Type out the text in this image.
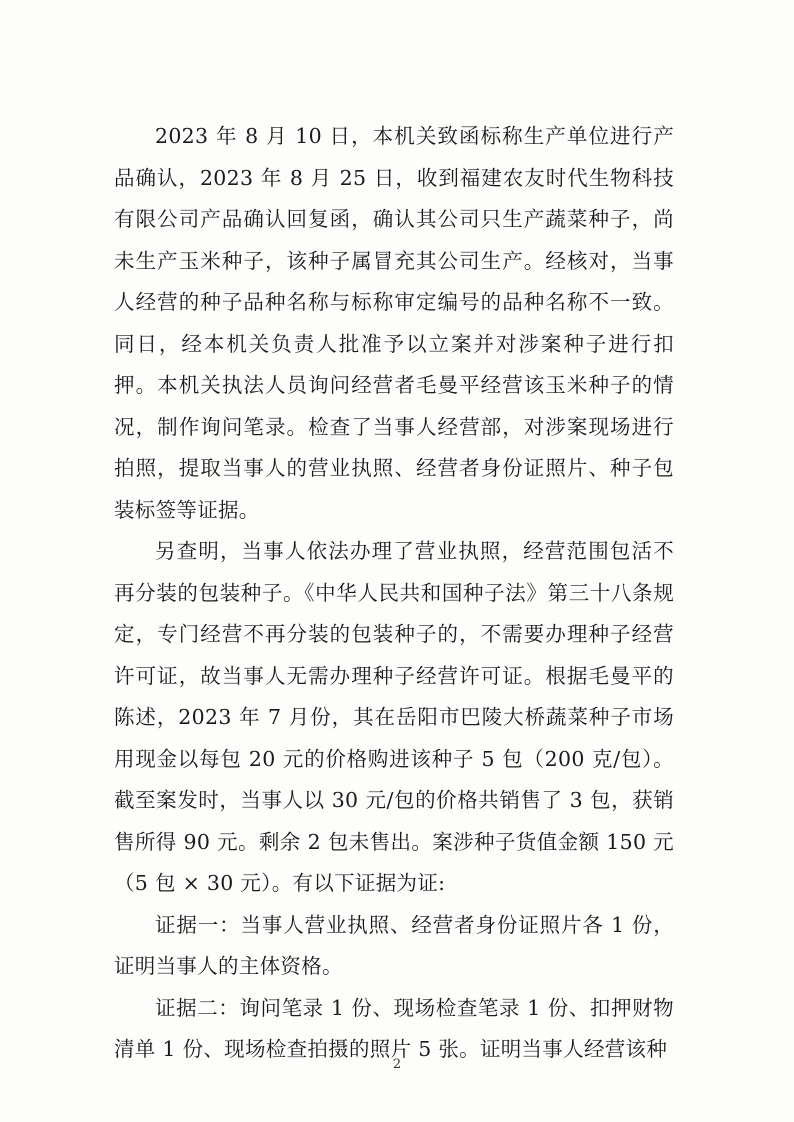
2023 年 8 月 10 日，本机关致函标称生产单位进行产品确认，2023 年 8 月 25 日，收到福建农友时代生物科技有限公司产品确认回复函，确认其公司只生产蔬菜种子，尚未生产玉米种子，该种子属冒充其公司生产。经核对，当事人经营的种子品种名称与标称审定编号的品种名称不一致。同日，经本机关负责人批准予以立案并对涉案种子进行扣押。本机关执法人员询问经营者毛曼平经营该玉米种子的情况，制作询问笔录。检查了当事人经营部，对涉案现场进行拍照，提取当事人的营业执照、经营者身份证照片、种子包装标签等证据。

另查明，当事人依法办理了营业执照，经营范围包活不再分装的包装种子。《中华人民共和国种子法》第三十八条规定，专门经营不再分装的包装种子的，不需要办理种子经营许可证，故当事人无需办理种子经营许可证。根据毛曼平的陈述，2023 年 7 月份，其在岳阳市巴陵大桥蔬菜种子市场用现金以每包 20 元的价格购进该种子 5 包（200 克/包）。截至案发时，当事人以 30 元/包的价格共销售了 3 包，获销售所得 90 元。剩余 2 包未售出。案涉种子货值金额 150 元（5 包 × 30 元）。有以下证据为证:

证据一：当事人营业执照、经营者身份证照片各 1 份，证明当事人的主体资格。

证据二：询问笔录 1 份、现场检查笔录 1 份、扣押财物清单 1 份、现场检查拍摄的照片 5 张。证明当事人经营该种

2
